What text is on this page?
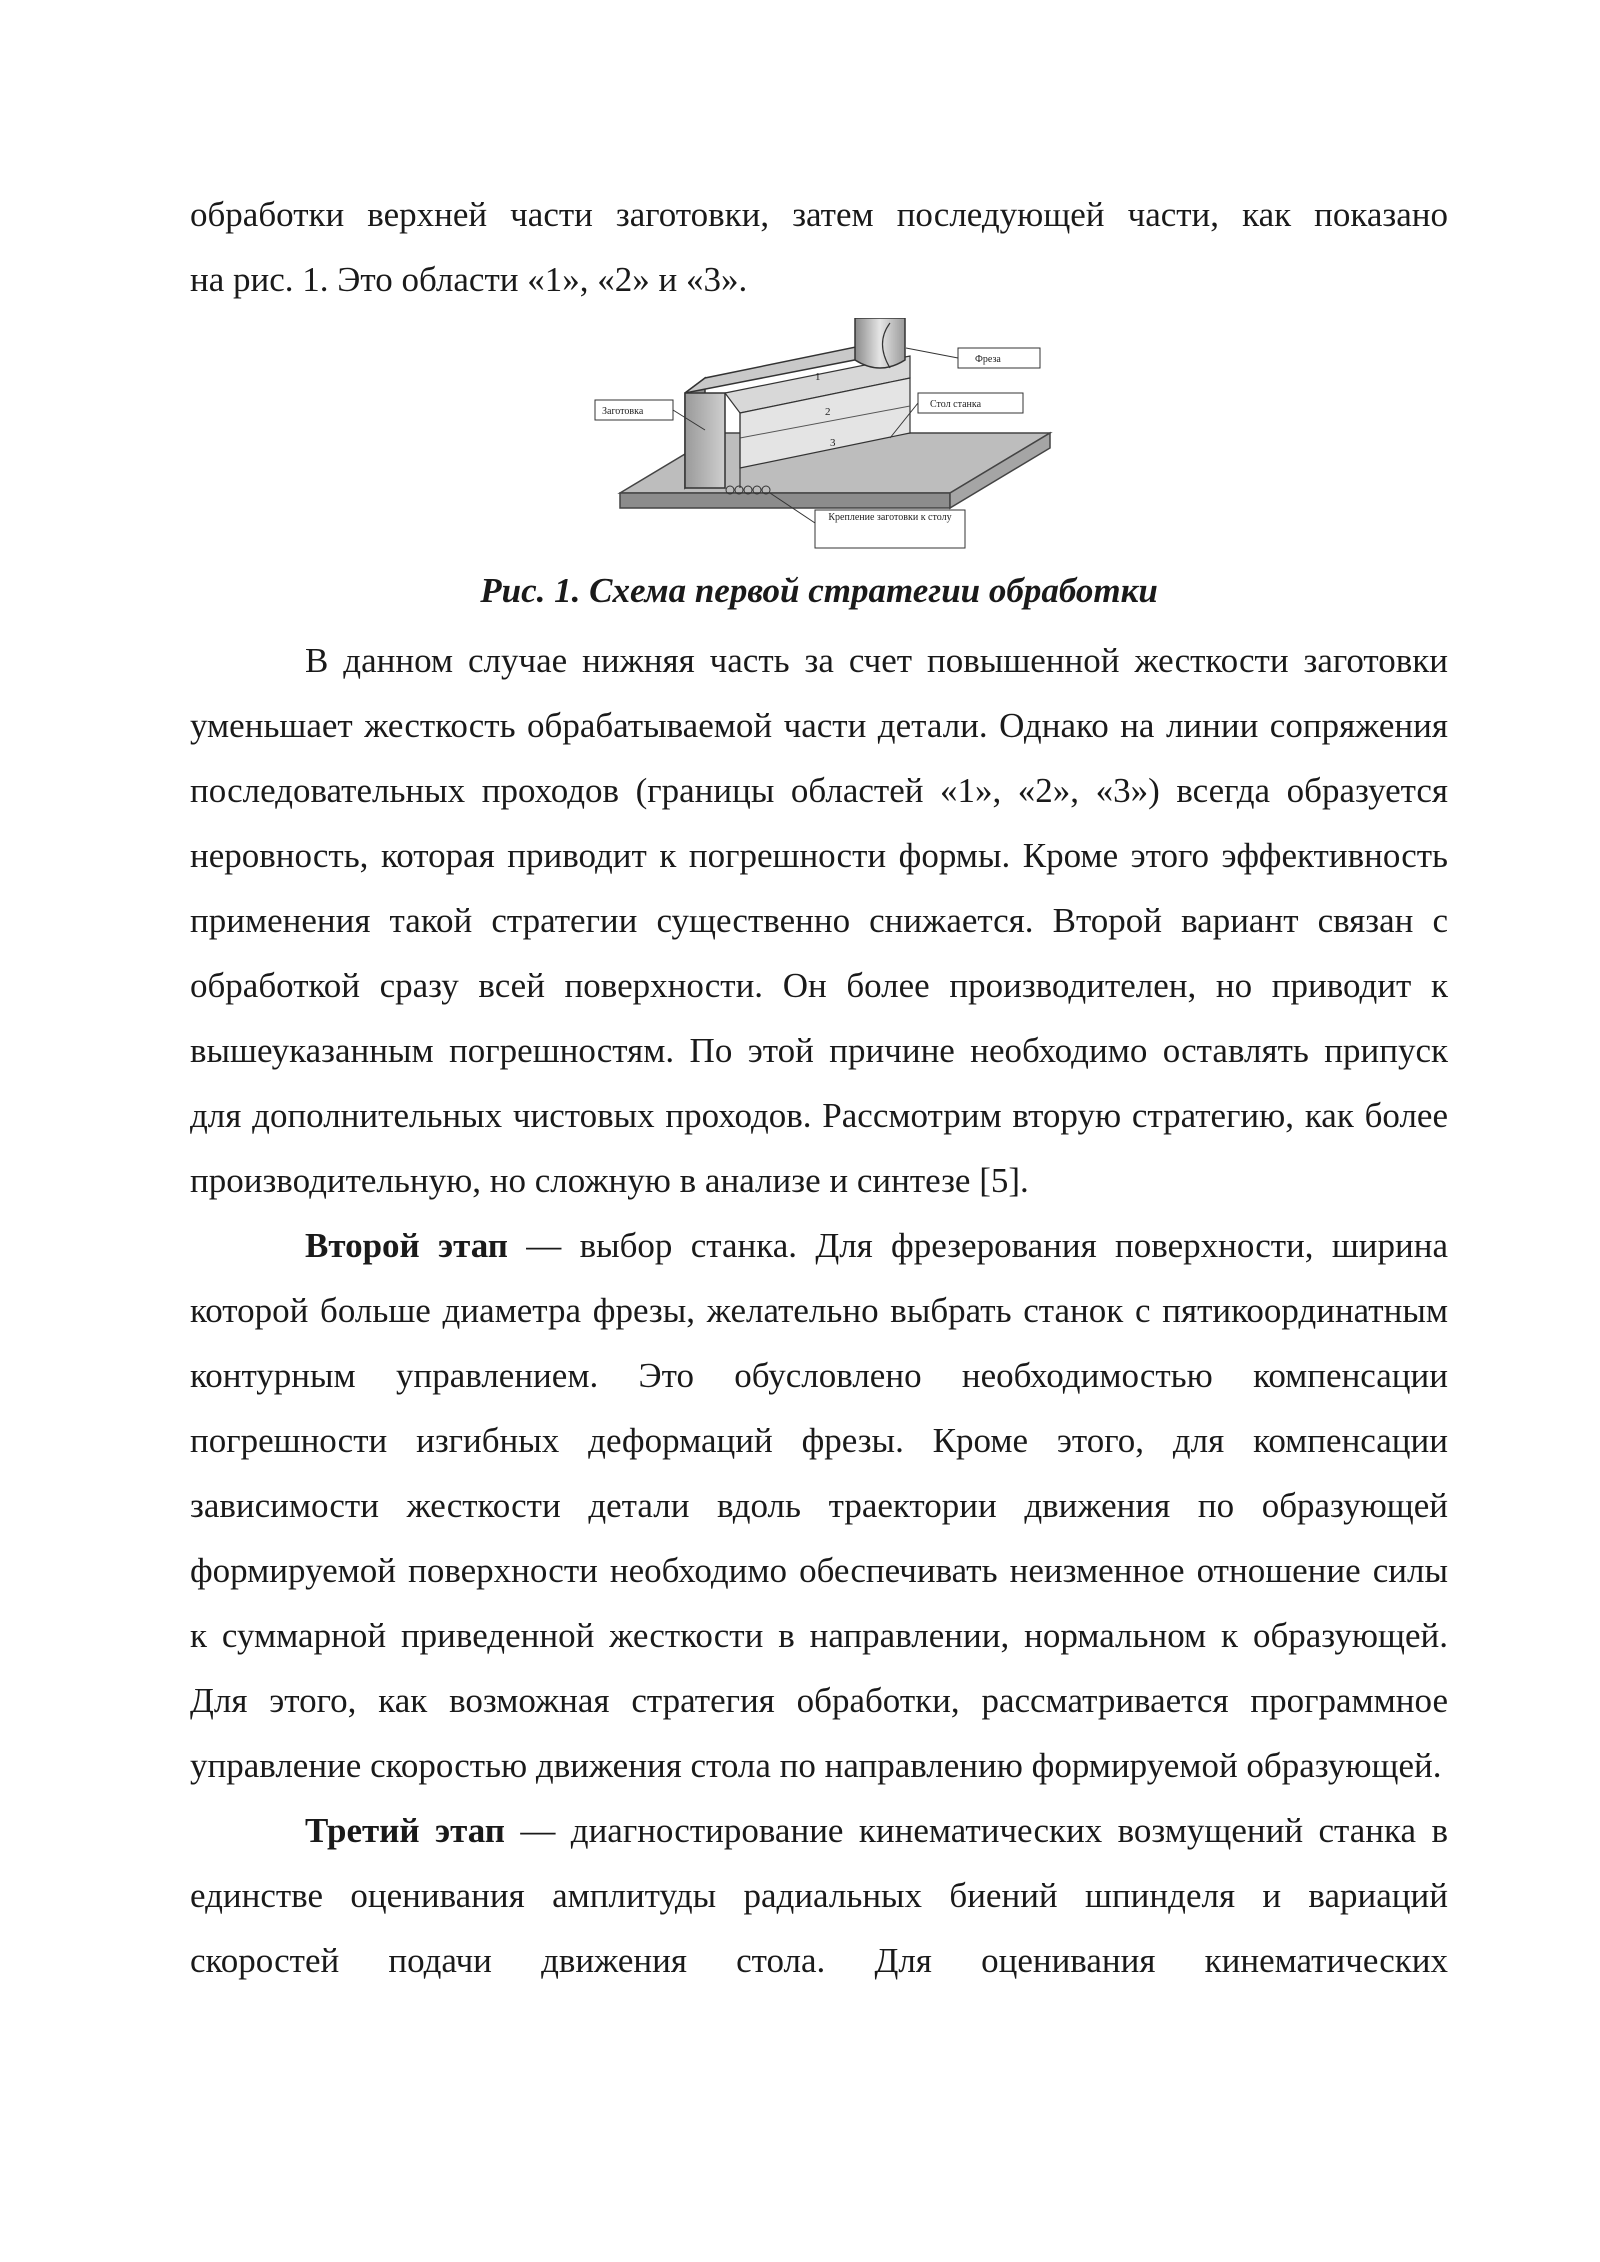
обработки верхней части заготовки, затем последующей части, как показано

на рис. 1. Это области «1», «2» и «3».

1
2
3
Заготовка
Фреза
Стол станка
Крепление заготовки к столу

Рис. 1. Схема первой стратегии обработки

В данном случае нижняя часть за счет повышенной жесткости заготовки уменьшает жесткость обрабатываемой части детали. Однако на линии сопряжения последовательных проходов (границы областей «1», «2», «3») всегда образуется неровность, которая приводит к погрешности формы. Кроме этого эффективность применения такой стратегии существенно снижается. Второй вариант связан с обработкой сразу всей поверхности. Он более производителен, но приводит к вышеуказанным погрешностям. По этой причине необходимо оставлять припуск для дополнительных чистовых проходов. Рассмотрим вторую стратегию, как более производительную, но сложную в анализе и синтезе [5].

Второй этап — выбор станка. Для фрезерования поверхности, ширина которой больше диаметра фрезы, желательно выбрать станок с пятикоординатным контурным управлением. Это обусловлено необходимостью компенсации погрешности изгибных деформаций фрезы. Кроме этого, для компенсации зависимости жесткости детали вдоль траектории движения по образующей формируемой поверхности необходимо обеспечивать неизменное отношение силы к суммарной приведенной жесткости в направлении, нормальном к образующей. Для этого, как возможная стратегия обработки, рассматривается программное управление скоростью движения стола по направлению формируемой образующей.

Третий этап — диагностирование кинематических возмущений станка в единстве оценивания амплитуды радиальных биений шпинделя и вариаций скоростей подачи движения стола. Для оценивания кинематических
